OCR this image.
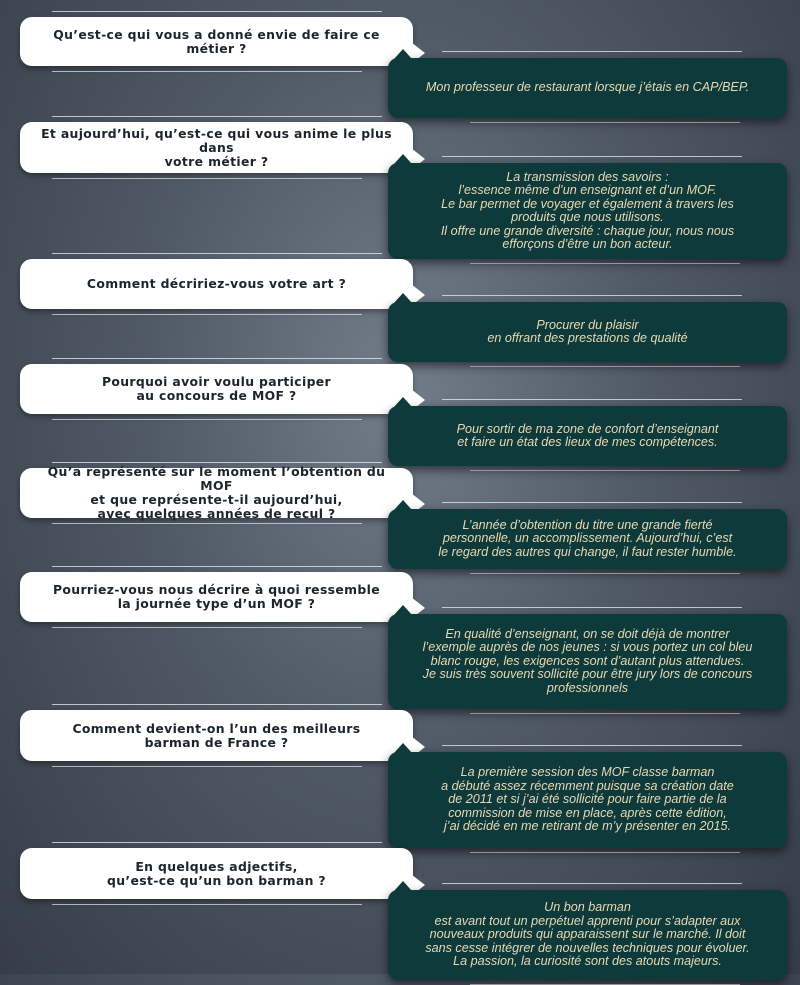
Qu’est-ce qui vous a donné envie de faire ce métier ?
Mon professeur de restaurant lorsque j’étais en CAP/BEP.
Et aujourd’hui, qu’est-ce qui vous anime le plus dans
votre métier ?
La transmission des savoirs :
l’essence même d’un enseignant et d’un MOF.
Le bar permet de voyager et également à travers les
produits que nous utilisons.
Il offre une grande diversité : chaque jour, nous nous
efforçons d’être un bon acteur.
Comment décririez-vous votre art ?
Procurer du plaisir
en offrant des prestations de qualité
Pourquoi avoir voulu participer
au concours de MOF ?
Pour sortir de ma zone de confort d’enseignant
et faire un état des lieux de mes compétences.
Qu’a représenté sur le moment l’obtention du MOF
et que représente-t-il aujourd’hui,
avec quelques années de recul ?
L’année d’obtention du titre une grande fierté
personnelle, un accomplissement. Aujourd’hui, c’est
le regard des autres qui change, il faut rester humble.
Pourriez-vous nous décrire à quoi ressemble
la journée type d’un MOF ?
En qualité d’enseignant, on se doit déjà de montrer
l’exemple auprès de nos jeunes : si vous portez un col bleu
blanc rouge, les exigences sont d’autant plus attendues.
Je suis très souvent sollicité pour être jury lors de concours
professionnels
Comment devient-on l’un des meilleurs
barman de France ?
La première session des MOF classe barman
a débuté assez récemment puisque sa création date
de 2011 et si j’ai été sollicité pour faire partie de la
commission de mise en place, après cette édition,
j’ai décidé en me retirant de m’y présenter en 2015.
En quelques adjectifs,
qu’est-ce qu’un bon barman ?
Un bon barman
est avant tout un perpétuel apprenti pour s’adapter aux
nouveaux produits qui apparaissent sur le marché. Il doit
sans cesse intégrer de nouvelles techniques pour évoluer.
La passion, la curiosité sont des atouts majeurs.
